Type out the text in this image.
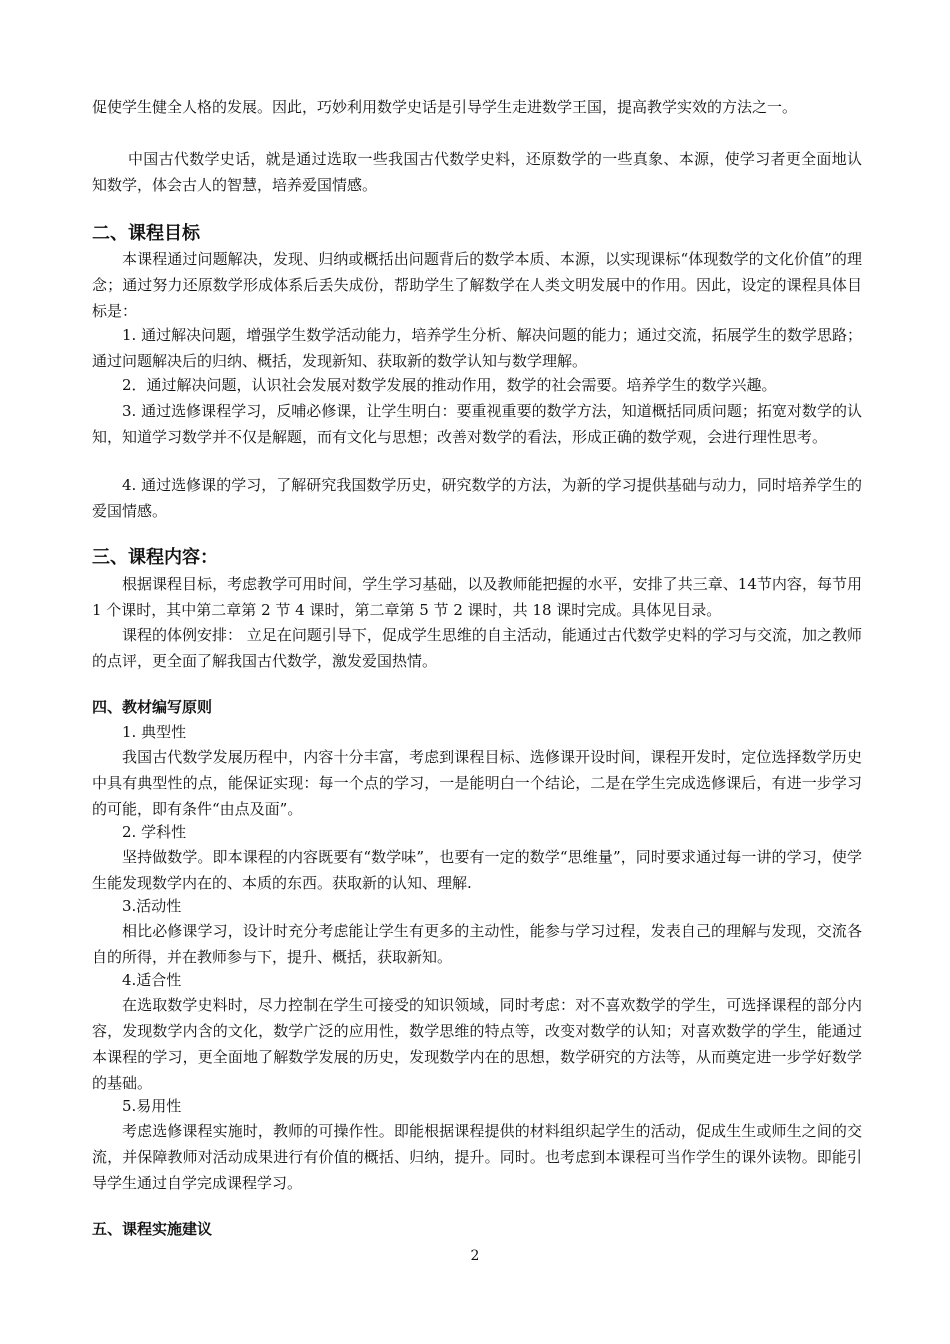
促使学生健全人格的发展。因此，巧妙利用数学史话是引导学生走进数学王国，提高教学实效的方法之一。

中国古代数学史话，就是通过选取一些我国古代数学史料，还原数学的一些真象、本源，使学习者更全面地认知数学，体会古人的智慧，培养爱国情感。

二、课程目标

本课程通过问题解决，发现、归纳或概括出问题背后的数学本质、本源，以实现课标“体现数学的文化价值”的理念；通过努力还原数学形成体系后丢失成份，帮助学生了解数学在人类文明发展中的作用。因此，设定的课程具体目标是：

1. 通过解决问题，增强学生数学活动能力，培养学生分析、解决问题的能力；通过交流，拓展学生的数学思路；通过问题解决后的归纳、概括，发现新知、获取新的数学认知与数学理解。

2．通过解决问题，认识社会发展对数学发展的推动作用，数学的社会需要。培养学生的数学兴趣。

3. 通过选修课程学习，反哺必修课，让学生明白：要重视重要的数学方法，知道概括同质问题；拓宽对数学的认知，知道学习数学并不仅是解题，而有文化与思想；改善对数学的看法，形成正确的数学观，会进行理性思考。

4. 通过选修课的学习，了解研究我国数学历史，研究数学的方法，为新的学习提供基础与动力，同时培养学生的爱国情感。

三、课程内容：

根据课程目标，考虑教学可用时间，学生学习基础，以及教师能把握的水平，安排了共三章、14节内容，每节用 1 个课时，其中第二章第 2 节 4 课时，第二章第 5 节 2 课时，共 18 课时完成。具体见目录。

课程的体例安排： 立足在问题引导下，促成学生思维的自主活动，能通过古代数学史料的学习与交流，加之教师的点评，更全面了解我国古代数学，激发爱国热情。

四、教材编写原则

1. 典型性

我国古代数学发展历程中，内容十分丰富，考虑到课程目标、选修课开设时间，课程开发时，定位选择数学历史中具有典型性的点，能保证实现：每一个点的学习，一是能明白一个结论，二是在学生完成选修课后，有进一步学习的可能，即有条件“由点及面”。

2. 学科性

坚持做数学。即本课程的内容既要有“数学味”，也要有一定的数学“思维量”，同时要求通过每一讲的学习，使学生能发现数学内在的、本质的东西。获取新的认知、理解.

3.活动性

相比必修课学习，设计时充分考虑能让学生有更多的主动性，能参与学习过程，发表自己的理解与发现，交流各自的所得，并在教师参与下，提升、概括，获取新知。

4.适合性

在选取数学史料时，尽力控制在学生可接受的知识领域，同时考虑：对不喜欢数学的学生，可选择课程的部分内容，发现数学内含的文化，数学广泛的应用性，数学思维的特点等，改变对数学的认知；对喜欢数学的学生，能通过本课程的学习，更全面地了解数学发展的历史，发现数学内在的思想，数学研究的方法等，从而奠定进一步学好数学的基础。

5.易用性

考虑选修课程实施时，教师的可操作性。即能根据课程提供的材料组织起学生的活动，促成生生或师生之间的交流，并保障教师对活动成果进行有价值的概括、归纳，提升。同时。也考虑到本课程可当作学生的课外读物。即能引导学生通过自学完成课程学习。

五、课程实施建议
2
